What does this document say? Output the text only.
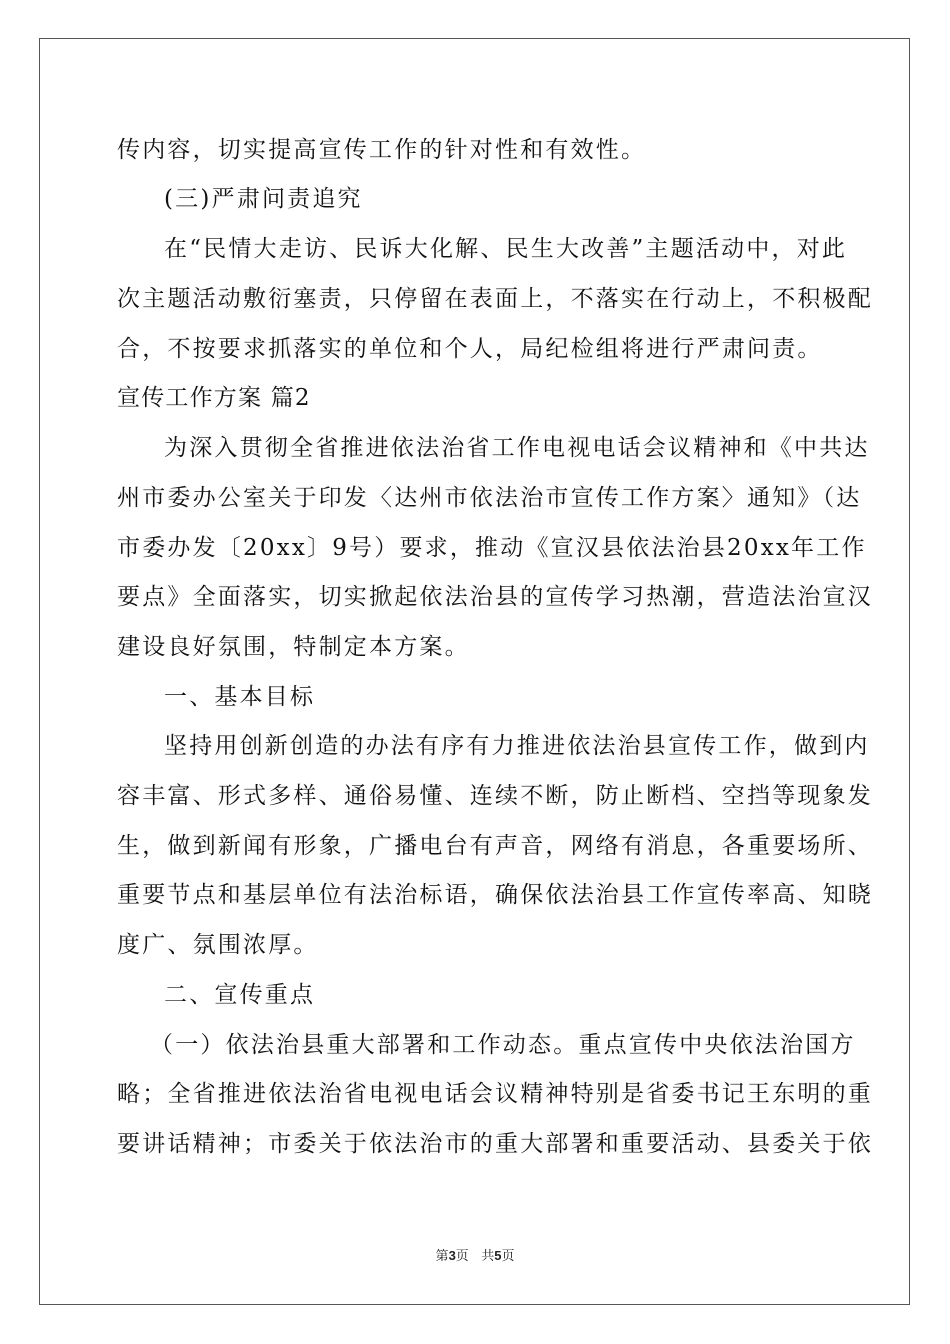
传内容，切实提高宣传工作的针对性和有效性。
(三)严肃问责追究
在“民情大走访、民诉大化解、民生大改善”主题活动中，对此
次主题活动敷衍塞责，只停留在表面上，不落实在行动上，不积极配
合，不按要求抓落实的单位和个人，局纪检组将进行严肃问责。
宣传工作方案 篇2
为深入贯彻全省推进依法治省工作电视电话会议精神和《中共达
州市委办公室关于印发〈达州市依法治市宣传工作方案〉通知》（达
市委办发〔20xx〕9号）要求，推动《宣汉县依法治县20xx年工作
要点》全面落实，切实掀起依法治县的宣传学习热潮，营造法治宣汉
建设良好氛围，特制定本方案。
一、基本目标
坚持用创新创造的办法有序有力推进依法治县宣传工作，做到内
容丰富、形式多样、通俗易懂、连续不断，防止断档、空挡等现象发
生，做到新闻有形象，广播电台有声音，网络有消息，各重要场所、
重要节点和基层单位有法治标语，确保依法治县工作宣传率高、知晓
度广、氛围浓厚。
二、宣传重点
（一）依法治县重大部署和工作动态。重点宣传中央依法治国方
略；全省推进依法治省电视电话会议精神特别是省委书记王东明的重
要讲话精神；市委关于依法治市的重大部署和重要活动、县委关于依
第3页   共5页
